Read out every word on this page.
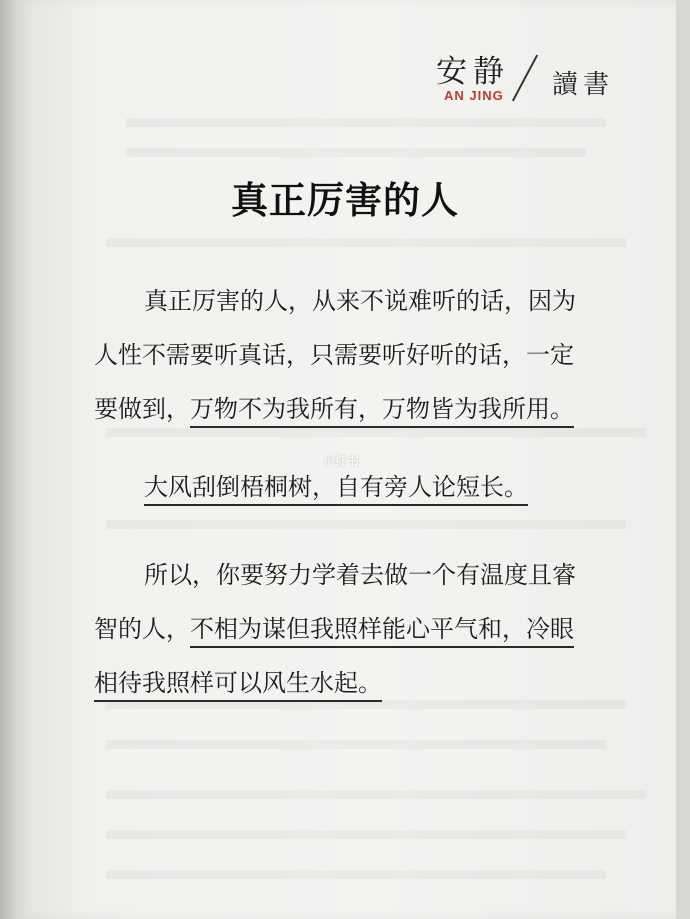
安静
AN JING 讀書
真正厉害的人
真正厉害的人，从来不说难听的话，因为
人性不需要听真话，只需要听好听的话，一定
要做到，万物不为我所有，万物皆为我所用。
大风刮倒梧桐树，自有旁人论短长。
所以，你要努力学着去做一个有温度且睿
智的人，不相为谋但我照样能心平气和，冷眼
相待我照样可以风生水起。
小红书
